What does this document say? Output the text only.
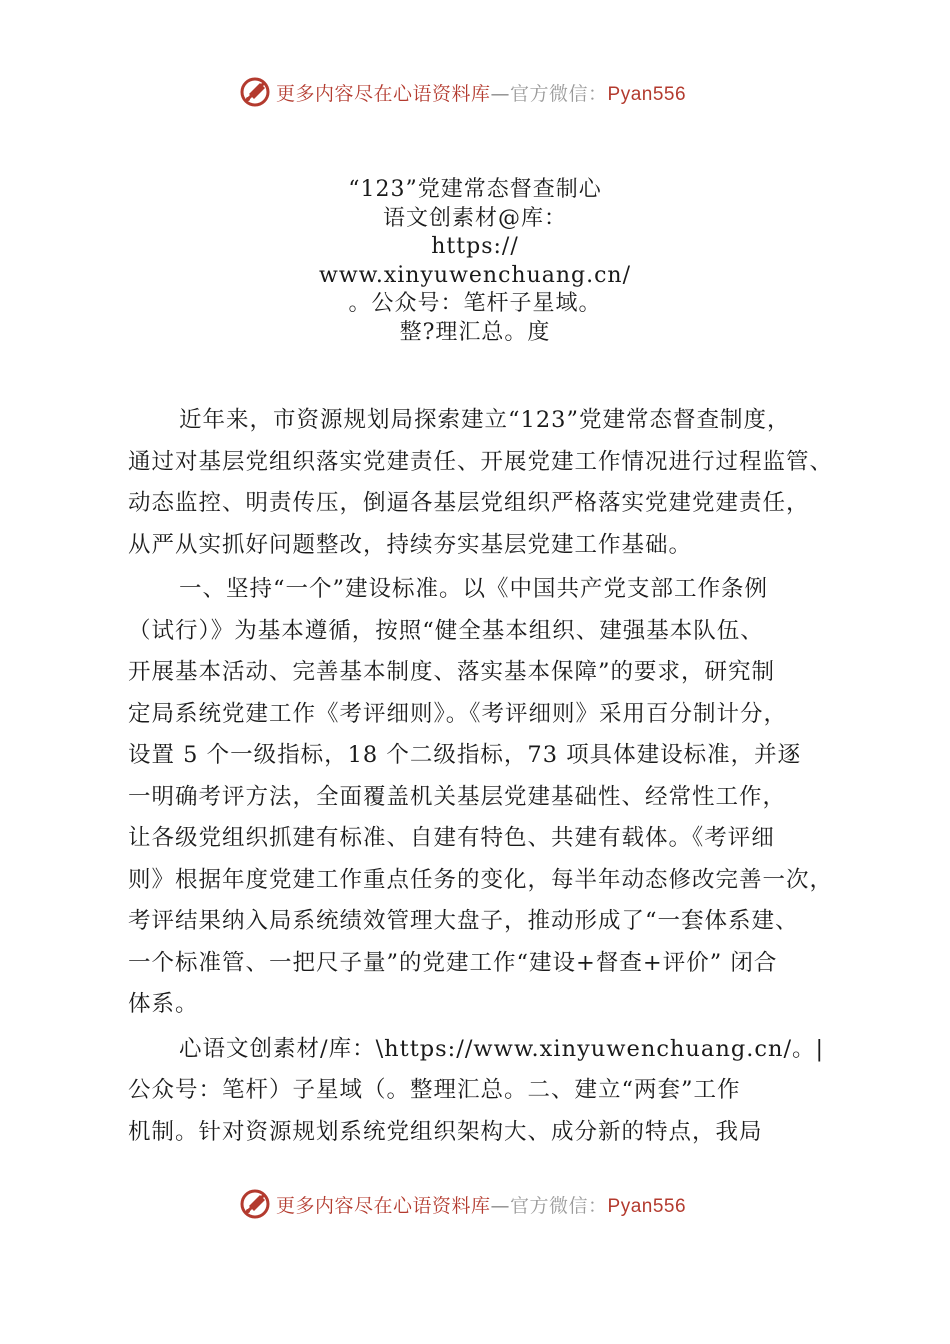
更多内容尽在心语资料库—官方微信：Pyan556
“123”党建常态督查制心
语文创素材@库：
https://
www.xinyuwenchuang.cn/
。公众号：笔杆子星域。
整?理汇总。度

近年来，市资源规划局探索建立“123”党建常态督查制度，

通过对基层党组织落实党建责任、开展党建工作情况进行过程监管、

动态监控、明责传压，倒逼各基层党组织严格落实党建党建责任，

从严从实抓好问题整改，持续夯实基层党建工作基础。

一、坚持“一个”建设标准。以《中国共产党支部工作条例

（试行）》为基本遵循，按照“健全基本组织、建强基本队伍、

开展基本活动、完善基本制度、落实基本保障”的要求，研究制

定局系统党建工作《考评细则》。《考评细则》采用百分制计分，

设置 5 个一级指标，18 个二级指标，73 项具体建设标准，并逐

一明确考评方法，全面覆盖机关基层党建基础性、经常性工作，

让各级党组织抓建有标准、自建有特色、共建有载体。《考评细

则》根据年度党建工作重点任务的变化，每半年动态修改完善一次，

考评结果纳入局系统绩效管理大盘子，推动形成了“一套体系建、

一个标准管、一把尺子量”的党建工作“建设+督查+评价” 闭合

体系。

心语文创素材/库：\https://www.xinyuwenchuang.cn/。|

公众号：笔杆）子星域（。整理汇总。二、建立“两套”工作

机制。针对资源规划系统党组织架构大、成分新的特点，我局

更多内容尽在心语资料库—官方微信：Pyan556
